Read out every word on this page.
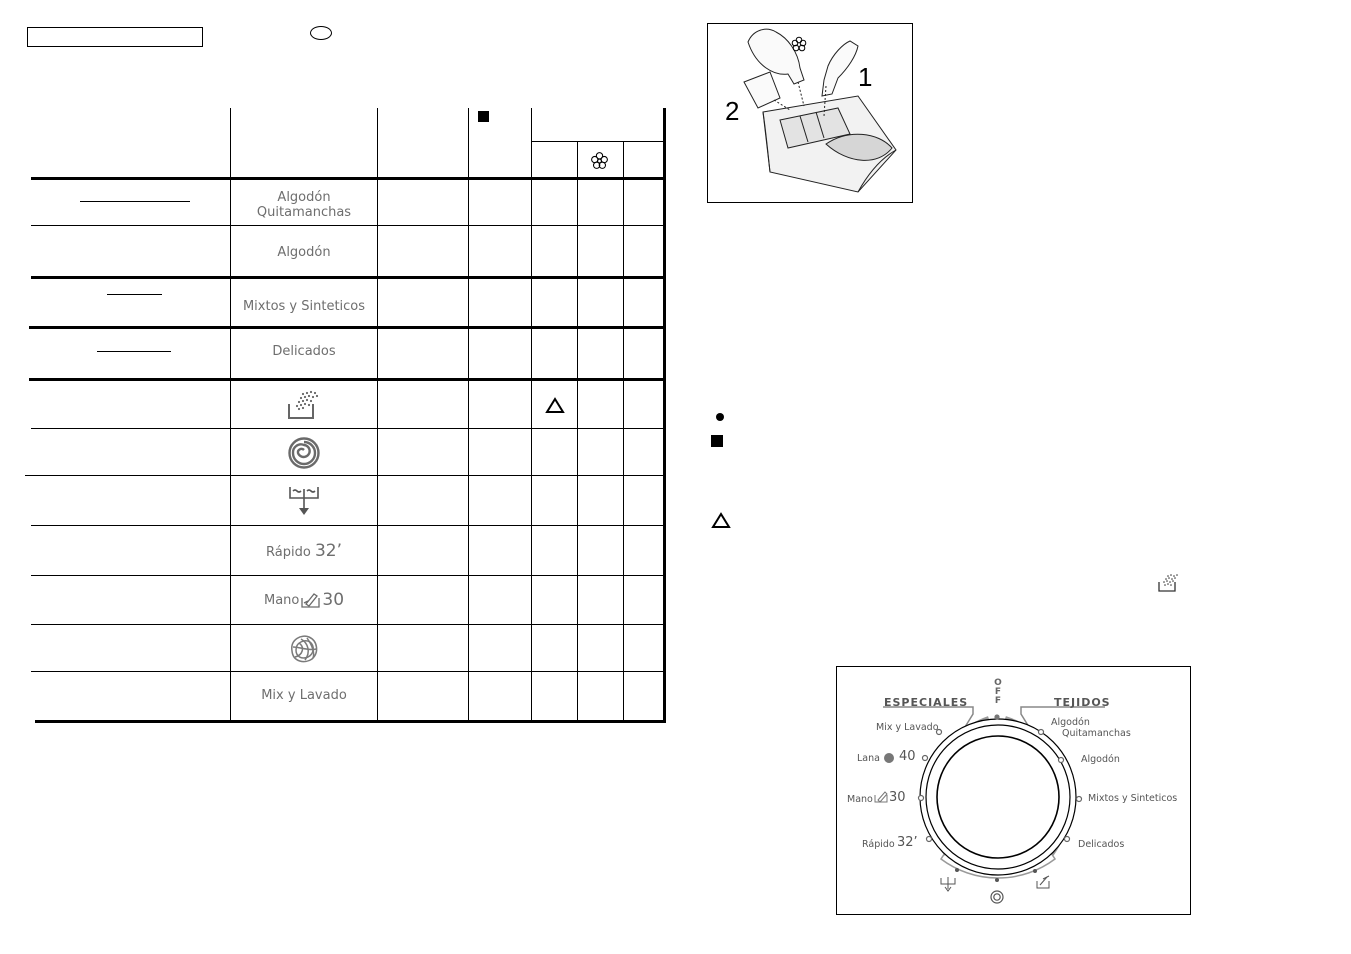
Algodón
Quitamanchas
Algodón
Mixtos y Sinteticos
Delicados
Rápido 32’
Mano 30
Mix y Lavado
1
2
O
F
F
ESPECIALES	TEJIDOS
Mix y Lavado
Lana 40
Mano 30
Rápido 32’
Algodón
Quitamanchas
Algodón
Mixtos y Sinteticos
Delicados
